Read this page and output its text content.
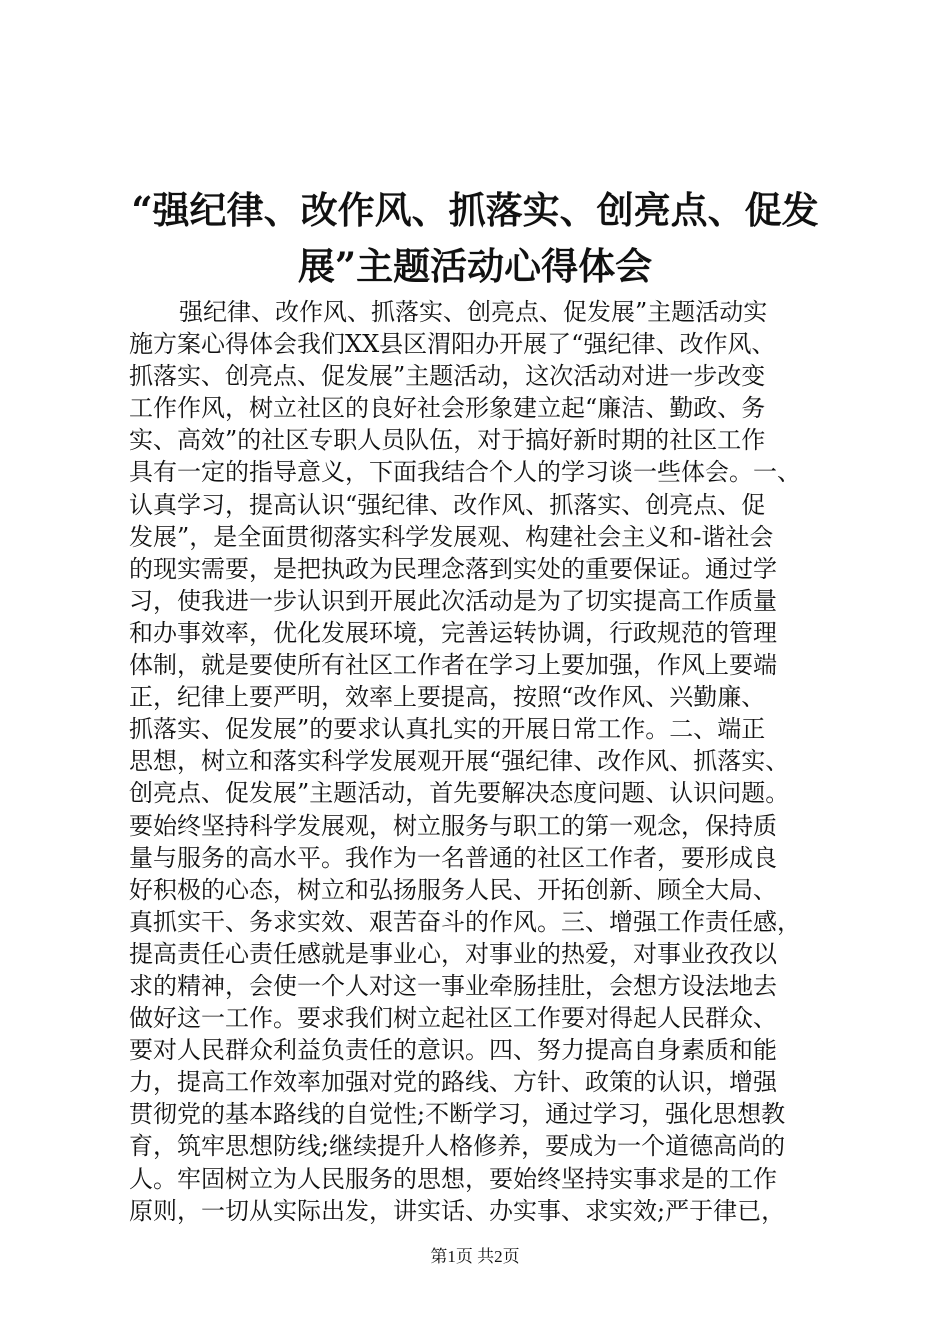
“强纪律、改作风、抓落实、创亮点、促发
展”主题活动心得体会
强纪律、改作风、抓落实、创亮点、促发展”主题活动实
施方案心得体会我们XX县区渭阳办开展了“强纪律、改作风、
抓落实、创亮点、促发展”主题活动，这次活动对进一步改变
工作作风，树立社区的良好社会形象建立起“廉洁、勤政、务
实、高效”的社区专职人员队伍，对于搞好新时期的社区工作
具有一定的指导意义，下面我结合个人的学习谈一些体会。一、
认真学习，提高认识“强纪律、改作风、抓落实、创亮点、促
发展”，是全面贯彻落实科学发展观、构建社会主义和-谐社会
的现实需要，是把执政为民理念落到实处的重要保证。通过学
习，使我进一步认识到开展此次活动是为了切实提高工作质量
和办事效率，优化发展环境，完善运转协调，行政规范的管理
体制，就是要使所有社区工作者在学习上要加强，作风上要端
正，纪律上要严明，效率上要提高，按照“改作风、兴勤廉、
抓落实、促发展”的要求认真扎实的开展日常工作。二、端正
思想，树立和落实科学发展观开展“强纪律、改作风、抓落实、
创亮点、促发展”主题活动，首先要解决态度问题、认识问题。
要始终坚持科学发展观，树立服务与职工的第一观念，保持质
量与服务的高水平。我作为一名普通的社区工作者，要形成良
好积极的心态，树立和弘扬服务人民、开拓创新、顾全大局、
真抓实干、务求实效、艰苦奋斗的作风。三、增强工作责任感，
提高责任心责任感就是事业心，对事业的热爱，对事业孜孜以
求的精神，会使一个人对这一事业牵肠挂肚，会想方设法地去
做好这一工作。要求我们树立起社区工作要对得起人民群众、
要对人民群众利益负责任的意识。四、努力提高自身素质和能
力，提高工作效率加强对党的路线、方针、政策的认识，增强
贯彻党的基本路线的自觉性;不断学习，通过学习，强化思想教
育，筑牢思想防线;继续提升人格修养，要成为一个道德高尚的
人。牢固树立为人民服务的思想，要始终坚持实事求是的工作
原则，一切从实际出发，讲实话、办实事、求实效;严于律已，
第1页 共2页
